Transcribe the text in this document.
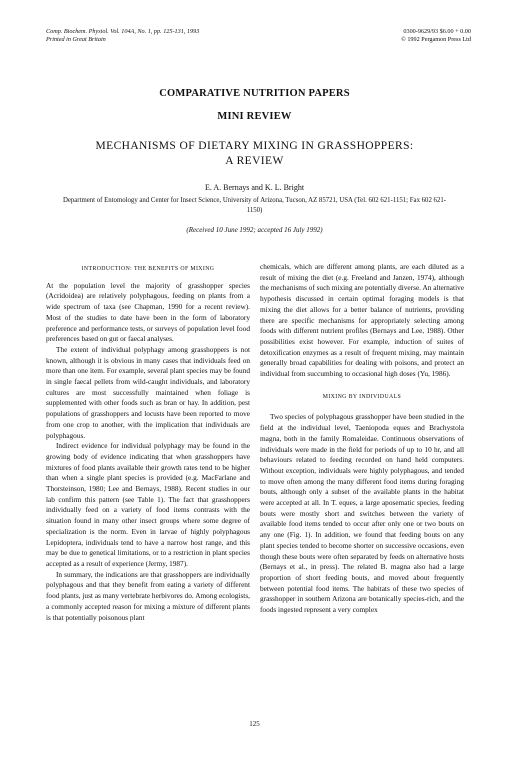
Comp. Biochem. Physiol. Vol. 104A, No. 1, pp. 125-131, 1993
Printed in Great Britain
0300-9629/93 $6.00 + 0.00
© 1992 Pergamon Press Ltd
COMPARATIVE NUTRITION PAPERS
MINI REVIEW
MECHANISMS OF DIETARY MIXING IN GRASSHOPPERS:
A REVIEW
E. A. Bernays and K. L. Bright
Department of Entomology and Center for Insect Science, University of Arizona, Tucson, AZ 85721, USA (Tel. 602 621-1151; Fax 602 621-1150)
(Received 10 June 1992; accepted 16 July 1992)
INTRODUCTION: THE BENEFITS OF MIXING

At the population level the majority of grasshopper species (Acridoidea) are relatively polyphagous, feeding on plants from a wide spectrum of taxa (see Chapman, 1990 for a recent review). Most of the studies to date have been in the form of laboratory preference and performance tests, or surveys of population level food preferences based on gut or faecal analyses.

The extent of individual polyphagy among grasshoppers is not known, although it is obvious in many cases that individuals feed on more than one item. For example, several plant species may be found in single faecal pellets from wild-caught individuals, and laboratory cultures are most successfully maintained when foliage is supplemented with other foods such as bran or hay. In addition, pest populations of grasshoppers and locusts have been reported to move from one crop to another, with the implication that individuals are polyphagous.

Indirect evidence for individual polyphagy may be found in the growing body of evidence indicating that when grasshoppers have mixtures of food plants available their growth rates tend to be higher than when a single plant species is provided (e.g. MacFarlane and Thorsteinson, 1980; Lee and Bernays, 1988). Recent studies in our lab confirm this pattern (see Table 1). The fact that grasshoppers individually feed on a variety of food items contrasts with the situation found in many other insect groups where some degree of specialization is the norm. Even in larvae of highly polyphagous Lepidoptera, individuals tend to have a narrow host range, and this may be due to genetical limitations, or to a restriction in plant species accepted as a result of experience (Jermy, 1987).

In summary, the indications are that grasshoppers are individually polyphagous and that they benefit from eating a variety of different food plants, just as many vertebrate herbivores do. Among ecologists, a commonly accepted reason for mixing a mixture of different plants is that potentially poisonous plant

chemicals, which are different among plants, are each diluted as a result of mixing the diet (e.g. Freeland and Janzen, 1974), although the mechanisms of such mixing are potentially diverse. An alternative hypothesis discussed in certain optimal foraging models is that mixing the diet allows for a better balance of nutrients, providing there are specific mechanisms for appropriately selecting among foods with different nutrient profiles (Bernays and Lee, 1988). Other possibilities exist however. For example, induction of suites of detoxification enzymes as a result of frequent mixing, may maintain generally broad capabilities for dealing with poisons, and protect an individual from succumbing to occasional high doses (Yu, 1986).

MIXING BY INDIVIDUALS

Two species of polyphagous grasshopper have been studied in the field at the individual level, Taeniopoda eques and Brachystola magna, both in the family Romaleidae. Continuous observations of individuals were made in the field for periods of up to 10 hr, and all behaviours related to feeding recorded on hand held computers. Without exception, individuals were highly polyphagous, and tended to move often among the many different food items during foraging bouts, although only a subset of the available plants in the habitat were accepted at all. In T. eques, a large aposematic species, feeding bouts were mostly short and switches between the variety of available food items tended to occur after only one or two bouts on any one (Fig. 1). In addition, we found that feeding bouts on any plant species tended to become shorter on successive occasions, even though these bouts were often separated by feeds on alternative hosts (Bernays et al., in press). The related B. magna also had a large proportion of short feeding bouts, and moved about frequently between potential food items. The habitats of these two species of grasshopper in southern Arizona are botanically species-rich, and the foods ingested represent a very complex

125
